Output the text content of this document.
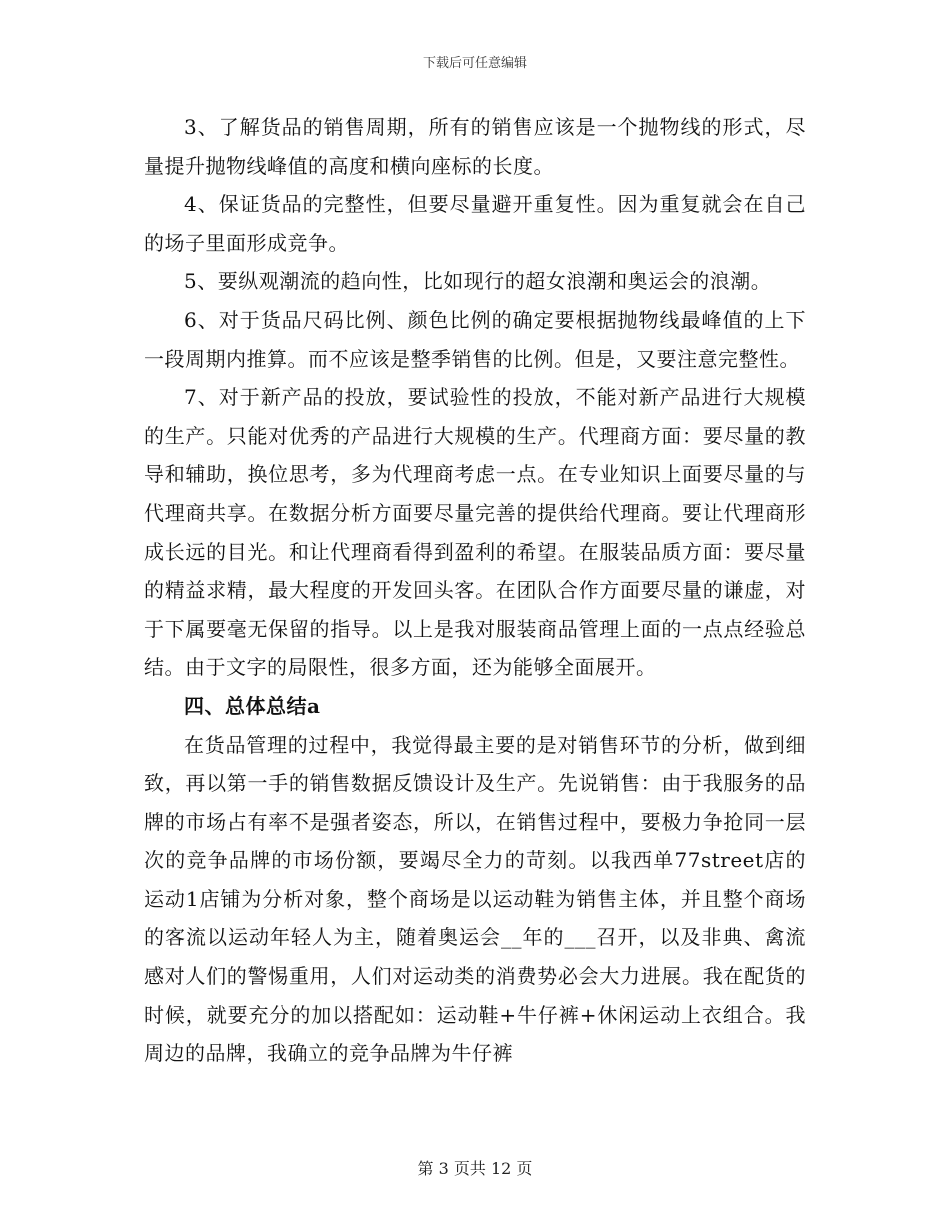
下载后可任意编辑

3、了解货品的销售周期，所有的销售应该是一个抛物线的形式，尽量提升抛物线峰值的高度和横向座标的长度。

4、保证货品的完整性，但要尽量避开重复性。因为重复就会在自己的场子里面形成竞争。

5、要纵观潮流的趋向性，比如现行的超女浪潮和奥运会的浪潮。

6、对于货品尺码比例、颜色比例的确定要根据抛物线最峰值的上下一段周期内推算。而不应该是整季销售的比例。但是，又要注意完整性。

7、对于新产品的投放，要试验性的投放，不能对新产品进行大规模的生产。只能对优秀的产品进行大规模的生产。代理商方面：要尽量的教导和辅助，换位思考，多为代理商考虑一点。在专业知识上面要尽量的与代理商共享。在数据分析方面要尽量完善的提供给代理商。要让代理商形成长远的目光。和让代理商看得到盈利的希望。在服装品质方面：要尽量的精益求精，最大程度的开发回头客。在团队合作方面要尽量的谦虚，对于下属要毫无保留的指导。以上是我对服装商品管理上面的一点点经验总结。由于文字的局限性，很多方面，还为能够全面展开。

四、总体总结a

在货品管理的过程中，我觉得最主要的是对销售环节的分析，做到细致，再以第一手的销售数据反馈设计及生产。先说销售：由于我服务的品牌的市场占有率不是强者姿态，所以，在销售过程中，要极力争抢同一层次的竞争品牌的市场份额，要竭尽全力的苛刻。以我西单77street店的运动1店铺为分析对象，整个商场是以运动鞋为销售主体，并且整个商场的客流以运动年轻人为主，随着奥运会__年的___召开，以及非典、禽流感对人们的警惕重用，人们对运动类的消费势必会大力进展。我在配货的时候，就要充分的加以搭配如：运动鞋+牛仔裤+休闲运动上衣组合。我周边的品牌，我确立的竞争品牌为牛仔裤

第 3 页共 12 页
